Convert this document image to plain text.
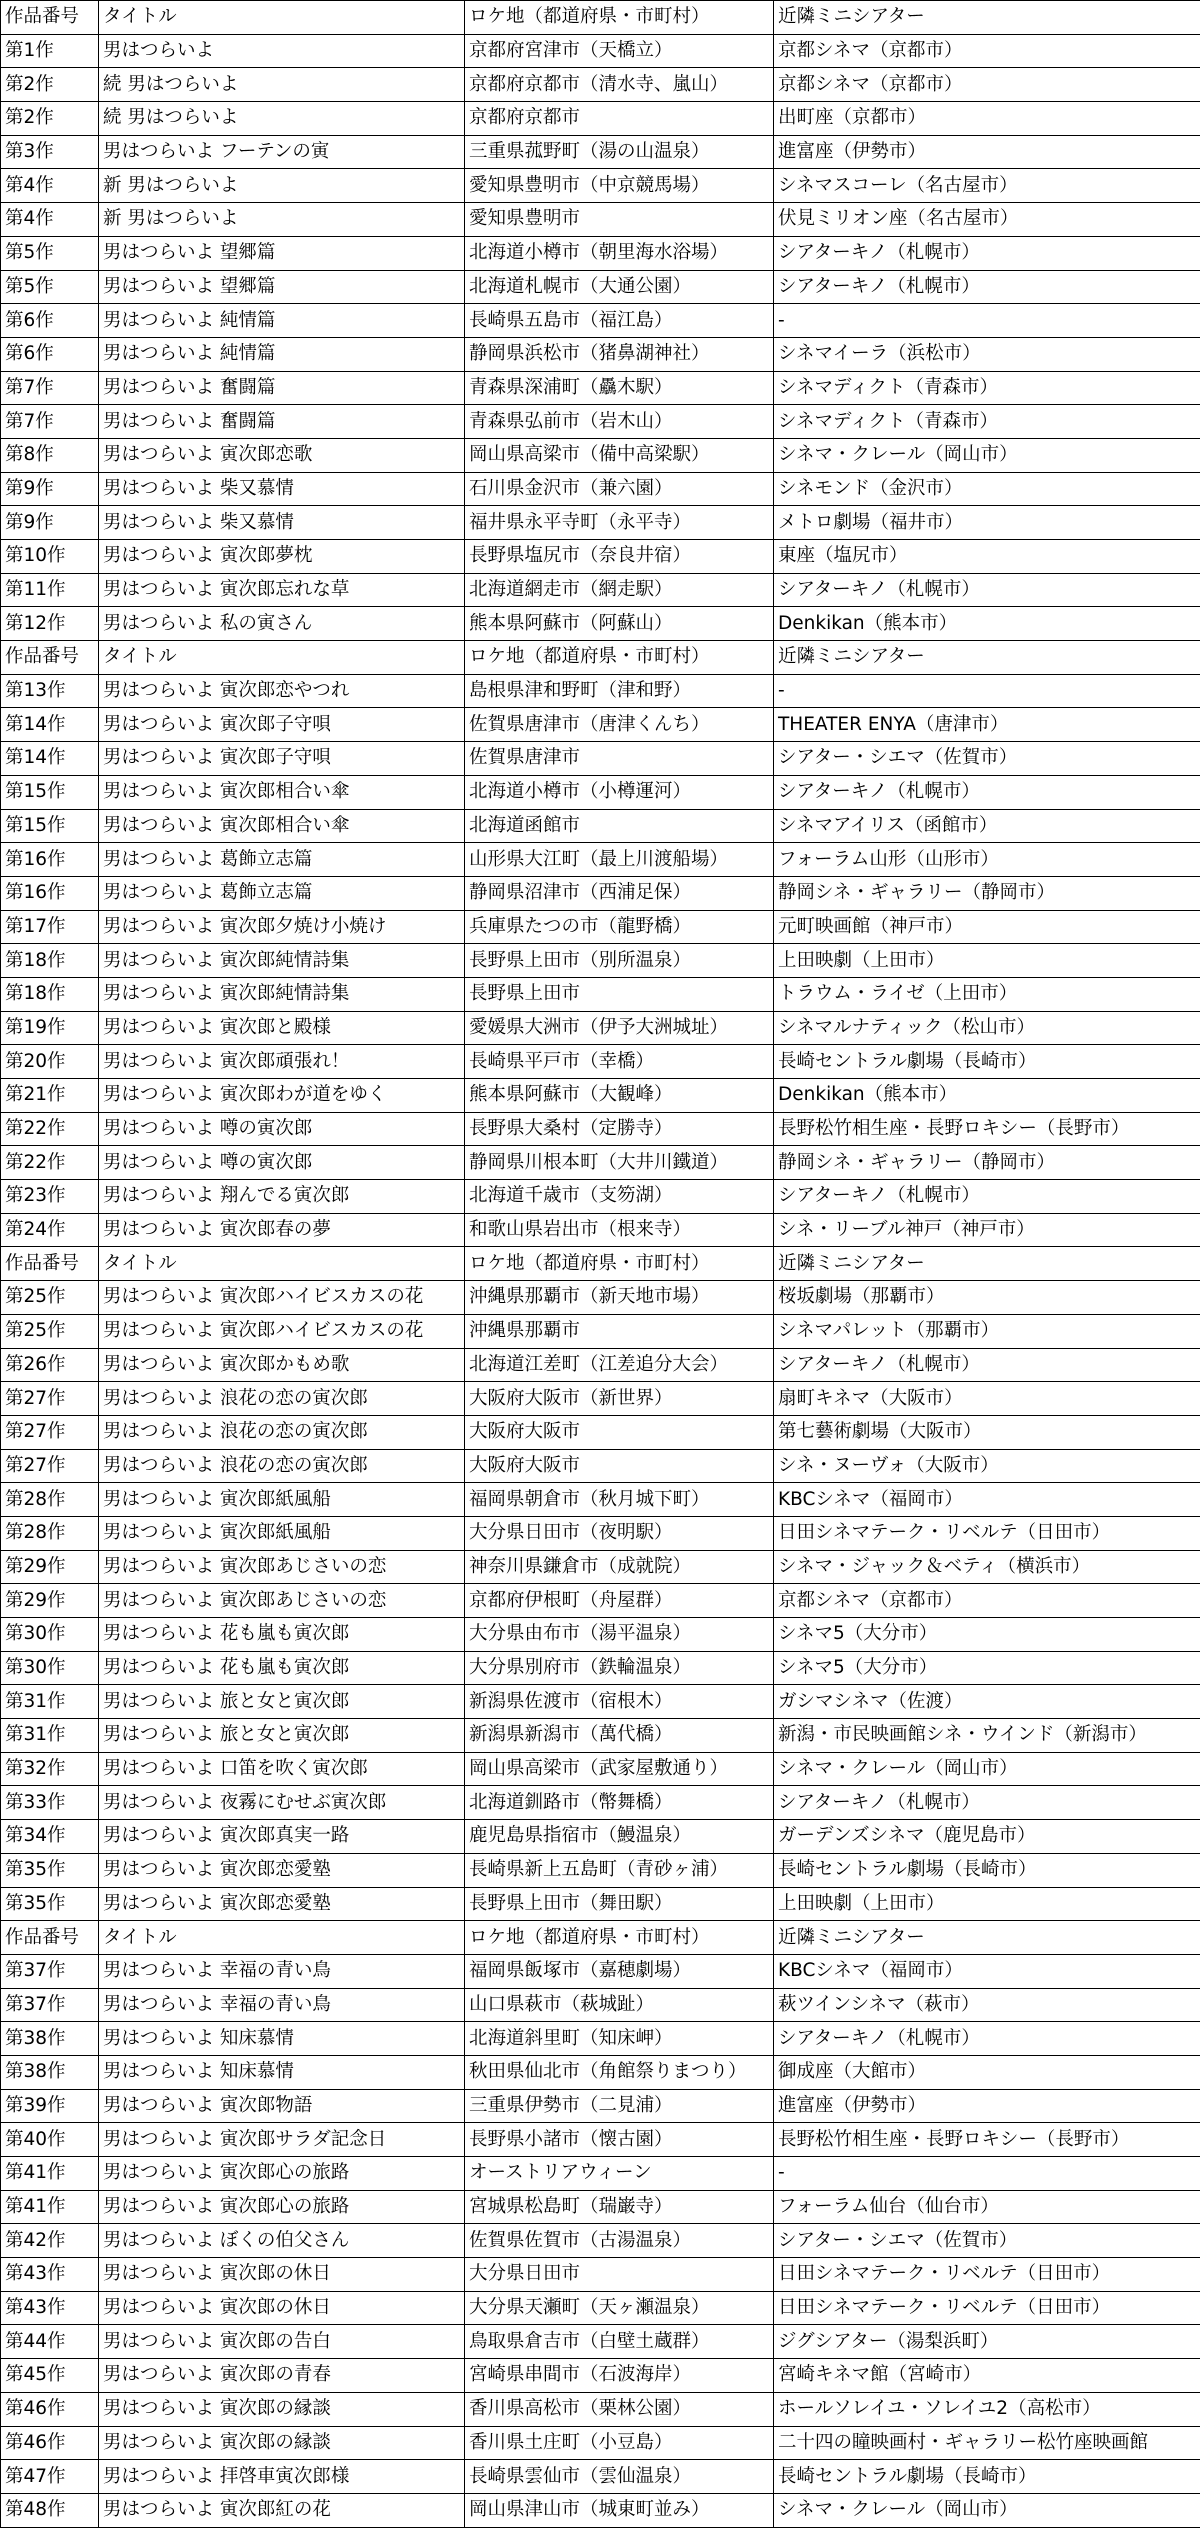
作品番号	タイトル	ロケ地（都道府県・市町村）	近隣ミニシアター
第1作	男はつらいよ	京都府宮津市（天橋立）	京都シネマ（京都市）
第2作	続 男はつらいよ	京都府京都市（清水寺、嵐山）	京都シネマ（京都市）
第2作	続 男はつらいよ	京都府京都市	出町座（京都市）
第3作	男はつらいよ フーテンの寅	三重県菰野町（湯の山温泉）	進富座（伊勢市）
第4作	新 男はつらいよ	愛知県豊明市（中京競馬場）	シネマスコーレ（名古屋市）
第4作	新 男はつらいよ	愛知県豊明市	伏見ミリオン座（名古屋市）
第5作	男はつらいよ 望郷篇	北海道小樽市（朝里海水浴場）	シアターキノ（札幌市）
第5作	男はつらいよ 望郷篇	北海道札幌市（大通公園）	シアターキノ（札幌市）
第6作	男はつらいよ 純情篇	長崎県五島市（福江島）	-
第6作	男はつらいよ 純情篇	静岡県浜松市（猪鼻湖神社）	シネマイーラ（浜松市）
第7作	男はつらいよ 奮闘篇	青森県深浦町（驫木駅）	シネマディクト（青森市）
第7作	男はつらいよ 奮闘篇	青森県弘前市（岩木山）	シネマディクト（青森市）
第8作	男はつらいよ 寅次郎恋歌	岡山県高梁市（備中高梁駅）	シネマ・クレール（岡山市）
第9作	男はつらいよ 柴又慕情	石川県金沢市（兼六園）	シネモンド（金沢市）
第9作	男はつらいよ 柴又慕情	福井県永平寺町（永平寺）	メトロ劇場（福井市）
第10作	男はつらいよ 寅次郎夢枕	長野県塩尻市（奈良井宿）	東座（塩尻市）
第11作	男はつらいよ 寅次郎忘れな草	北海道網走市（網走駅）	シアターキノ（札幌市）
第12作	男はつらいよ 私の寅さん	熊本県阿蘇市（阿蘇山）	Denkikan（熊本市）
作品番号	タイトル	ロケ地（都道府県・市町村）	近隣ミニシアター
第13作	男はつらいよ 寅次郎恋やつれ	島根県津和野町（津和野）	-
第14作	男はつらいよ 寅次郎子守唄	佐賀県唐津市（唐津くんち）	THEATER ENYA（唐津市）
第14作	男はつらいよ 寅次郎子守唄	佐賀県唐津市	シアター・シエマ（佐賀市）
第15作	男はつらいよ 寅次郎相合い傘	北海道小樽市（小樽運河）	シアターキノ（札幌市）
第15作	男はつらいよ 寅次郎相合い傘	北海道函館市	シネマアイリス（函館市）
第16作	男はつらいよ 葛飾立志篇	山形県大江町（最上川渡船場）	フォーラム山形（山形市）
第16作	男はつらいよ 葛飾立志篇	静岡県沼津市（西浦足保）	静岡シネ・ギャラリー（静岡市）
第17作	男はつらいよ 寅次郎夕焼け小焼け	兵庫県たつの市（龍野橋）	元町映画館（神戸市）
第18作	男はつらいよ 寅次郎純情詩集	長野県上田市（別所温泉）	上田映劇（上田市）
第18作	男はつらいよ 寅次郎純情詩集	長野県上田市	トラウム・ライゼ（上田市）
第19作	男はつらいよ 寅次郎と殿様	愛媛県大洲市（伊予大洲城址）	シネマルナティック（松山市）
第20作	男はつらいよ 寅次郎頑張れ！	長崎県平戸市（幸橋）	長崎セントラル劇場（長崎市）
第21作	男はつらいよ 寅次郎わが道をゆく	熊本県阿蘇市（大観峰）	Denkikan（熊本市）
第22作	男はつらいよ 噂の寅次郎	長野県大桑村（定勝寺）	長野松竹相生座・長野ロキシー（長野市）
第22作	男はつらいよ 噂の寅次郎	静岡県川根本町（大井川鐵道）	静岡シネ・ギャラリー（静岡市）
第23作	男はつらいよ 翔んでる寅次郎	北海道千歳市（支笏湖）	シアターキノ（札幌市）
第24作	男はつらいよ 寅次郎春の夢	和歌山県岩出市（根来寺）	シネ・リーブル神戸（神戸市）
作品番号	タイトル	ロケ地（都道府県・市町村）	近隣ミニシアター
第25作	男はつらいよ 寅次郎ハイビスカスの花	沖縄県那覇市（新天地市場）	桜坂劇場（那覇市）
第25作	男はつらいよ 寅次郎ハイビスカスの花	沖縄県那覇市	シネマパレット（那覇市）
第26作	男はつらいよ 寅次郎かもめ歌	北海道江差町（江差追分大会）	シアターキノ（札幌市）
第27作	男はつらいよ 浪花の恋の寅次郎	大阪府大阪市（新世界）	扇町キネマ（大阪市）
第27作	男はつらいよ 浪花の恋の寅次郎	大阪府大阪市	第七藝術劇場（大阪市）
第27作	男はつらいよ 浪花の恋の寅次郎	大阪府大阪市	シネ・ヌーヴォ（大阪市）
第28作	男はつらいよ 寅次郎紙風船	福岡県朝倉市（秋月城下町）	KBCシネマ（福岡市）
第28作	男はつらいよ 寅次郎紙風船	大分県日田市（夜明駅）	日田シネマテーク・リベルテ（日田市）
第29作	男はつらいよ 寅次郎あじさいの恋	神奈川県鎌倉市（成就院）	シネマ・ジャック＆ベティ（横浜市）
第29作	男はつらいよ 寅次郎あじさいの恋	京都府伊根町（舟屋群）	京都シネマ（京都市）
第30作	男はつらいよ 花も嵐も寅次郎	大分県由布市（湯平温泉）	シネマ5（大分市）
第30作	男はつらいよ 花も嵐も寅次郎	大分県別府市（鉄輪温泉）	シネマ5（大分市）
第31作	男はつらいよ 旅と女と寅次郎	新潟県佐渡市（宿根木）	ガシマシネマ（佐渡）
第31作	男はつらいよ 旅と女と寅次郎	新潟県新潟市（萬代橋）	新潟・市民映画館シネ・ウインド（新潟市）
第32作	男はつらいよ 口笛を吹く寅次郎	岡山県高梁市（武家屋敷通り）	シネマ・クレール（岡山市）
第33作	男はつらいよ 夜霧にむせぶ寅次郎	北海道釧路市（幣舞橋）	シアターキノ（札幌市）
第34作	男はつらいよ 寅次郎真実一路	鹿児島県指宿市（鰻温泉）	ガーデンズシネマ（鹿児島市）
第35作	男はつらいよ 寅次郎恋愛塾	長崎県新上五島町（青砂ヶ浦）	長崎セントラル劇場（長崎市）
第35作	男はつらいよ 寅次郎恋愛塾	長野県上田市（舞田駅）	上田映劇（上田市）
作品番号	タイトル	ロケ地（都道府県・市町村）	近隣ミニシアター
第37作	男はつらいよ 幸福の青い鳥	福岡県飯塚市（嘉穂劇場）	KBCシネマ（福岡市）
第37作	男はつらいよ 幸福の青い鳥	山口県萩市（萩城趾）	萩ツインシネマ（萩市）
第38作	男はつらいよ 知床慕情	北海道斜里町（知床岬）	シアターキノ（札幌市）
第38作	男はつらいよ 知床慕情	秋田県仙北市（角館祭りまつり）	御成座（大館市）
第39作	男はつらいよ 寅次郎物語	三重県伊勢市（二見浦）	進富座（伊勢市）
第40作	男はつらいよ 寅次郎サラダ記念日	長野県小諸市（懐古園）	長野松竹相生座・長野ロキシー（長野市）
第41作	男はつらいよ 寅次郎心の旅路	オーストリアウィーン	-
第41作	男はつらいよ 寅次郎心の旅路	宮城県松島町（瑞巌寺）	フォーラム仙台（仙台市）
第42作	男はつらいよ ぼくの伯父さん	佐賀県佐賀市（古湯温泉）	シアター・シエマ（佐賀市）
第43作	男はつらいよ 寅次郎の休日	大分県日田市	日田シネマテーク・リベルテ（日田市）
第43作	男はつらいよ 寅次郎の休日	大分県天瀬町（天ヶ瀬温泉）	日田シネマテーク・リベルテ（日田市）
第44作	男はつらいよ 寅次郎の告白	鳥取県倉吉市（白壁土蔵群）	ジグシアター（湯梨浜町）
第45作	男はつらいよ 寅次郎の青春	宮崎県串間市（石波海岸）	宮崎キネマ館（宮崎市）
第46作	男はつらいよ 寅次郎の縁談	香川県高松市（栗林公園）	ホールソレイユ・ソレイユ2（高松市）
第46作	男はつらいよ 寅次郎の縁談	香川県土庄町（小豆島）	二十四の瞳映画村・ギャラリー松竹座映画館
第47作	男はつらいよ 拝啓車寅次郎様	長崎県雲仙市（雲仙温泉）	長崎セントラル劇場（長崎市）
第48作	男はつらいよ 寅次郎紅の花	岡山県津山市（城東町並み）	シネマ・クレール（岡山市）
